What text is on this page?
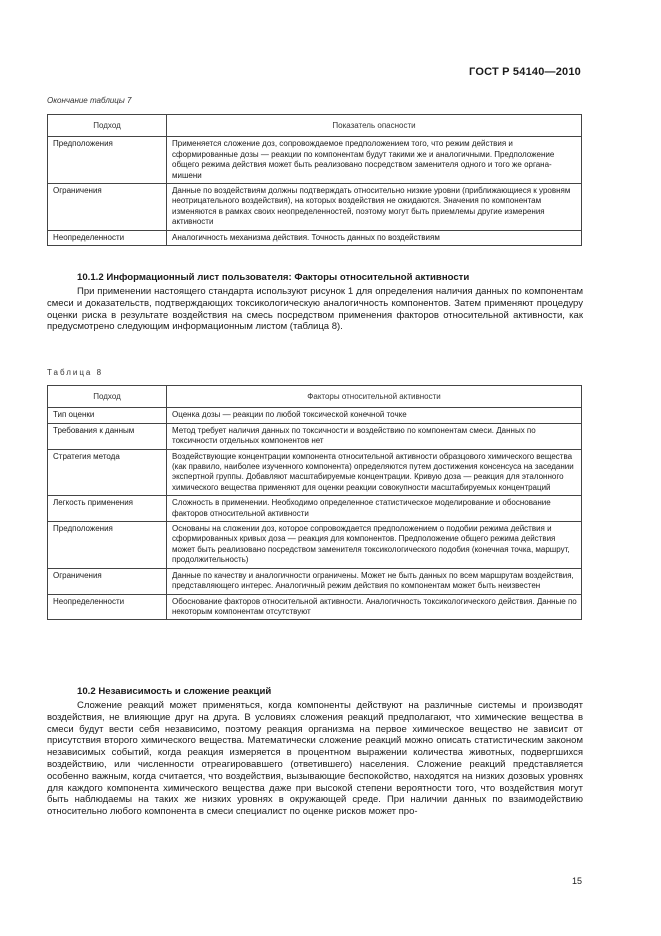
ГОСТ Р 54140—2010
Окончание таблицы 7
Подход	Показатель опасности
Предположения	Применяется сложение доз, сопровождаемое предположением того, что режим действия и сформированные дозы — реакции по компонентам будут такими же и аналогичными. Предположение общего режима действия может быть реализовано посредством заменителя одного и того же органа-мишени
Ограничения	Данные по воздействиям должны подтверждать относительно низкие уровни (приближающиеся к уровням неотрицательного воздействия), на которых воздействия не ожидаются. Значения по компонентам изменяются в рамках своих неопределенностей, поэтому могут быть приемлемы другие измерения активности
Неопределенности	Аналогичность механизма действия. Точность данных по воздействиям
10.1.2 Информационный лист пользователя: Факторы относительной активности

При применении настоящего стандарта используют рисунок 1 для определения наличия данных по компонентам смеси и доказательств, подтверждающих токсикологическую аналогичность компонентов. Затем применяют процедуру оценки риска в результате воздействия на смесь посредством применения факторов относительной активности, как предусмотрено следующим информационным листом (таблица 8).

Таблица 8
Подход	Факторы относительной активности
Тип оценки	Оценка дозы — реакции по любой токсической конечной точке
Требования к данным	Метод требует наличия данных по токсичности и воздействию по компонентам смеси. Данных по токсичности отдельных компонентов нет
Стратегия метода	Воздействующие концентрации компонента относительной активности образцового химического вещества (как правило, наиболее изученного компонента) определяются путем достижения консенсуса на заседании экспертной группы. Добавляют масштабируемые концентрации. Кривую доза — реакция для эталонного химического вещества применяют для оценки реакции совокупности масштабируемых концентраций
Легкость применения	Сложность в применении. Необходимо определенное статистическое моделирование и обоснование факторов относительной активности
Предположения	Основаны на сложении доз, которое сопровождается предположением о подобии режима действия и сформированных кривых доза — реакция для компонентов. Предположение общего режима действия может быть реализовано посредством заменителя токсикологического подобия (конечная точка, маршрут, продолжительность)
Ограничения	Данные по качеству и аналогичности ограничены. Может не быть данных по всем маршрутам воздействия, представляющего интерес. Аналогичный режим действия по компонентам может быть неизвестен
Неопределенности	Обоснование факторов относительной активности. Аналогичность токсикологического действия. Данные по некоторым компонентам отсутствуют
10.2 Независимость и сложение реакций

Сложение реакций может применяться, когда компоненты действуют на различные системы и производят воздействия, не влияющие друг на друга. В условиях сложения реакций предполагают, что химические вещества в смеси будут вести себя независимо, поэтому реакция организма на первое химическое вещество не зависит от присутствия второго химического вещества. Математически сложение реакций можно описать статистическим законом независимых событий, когда реакция измеряется в процентном выражении количества животных, подвергшихся воздействию, или численности отреагировавшего (ответившего) населения. Сложение реакций представляется особенно важным, когда считается, что воздействия, вызывающие беспокойство, находятся на низких дозовых уровнях для каждого компонента химического вещества даже при высокой степени вероятности того, что воздействия могут быть наблюдаемы на таких же низких уровнях в окружающей среде. При наличии данных по взаимодействию относительно любого компонента в смеси специалист по оценке рисков может про-

15
